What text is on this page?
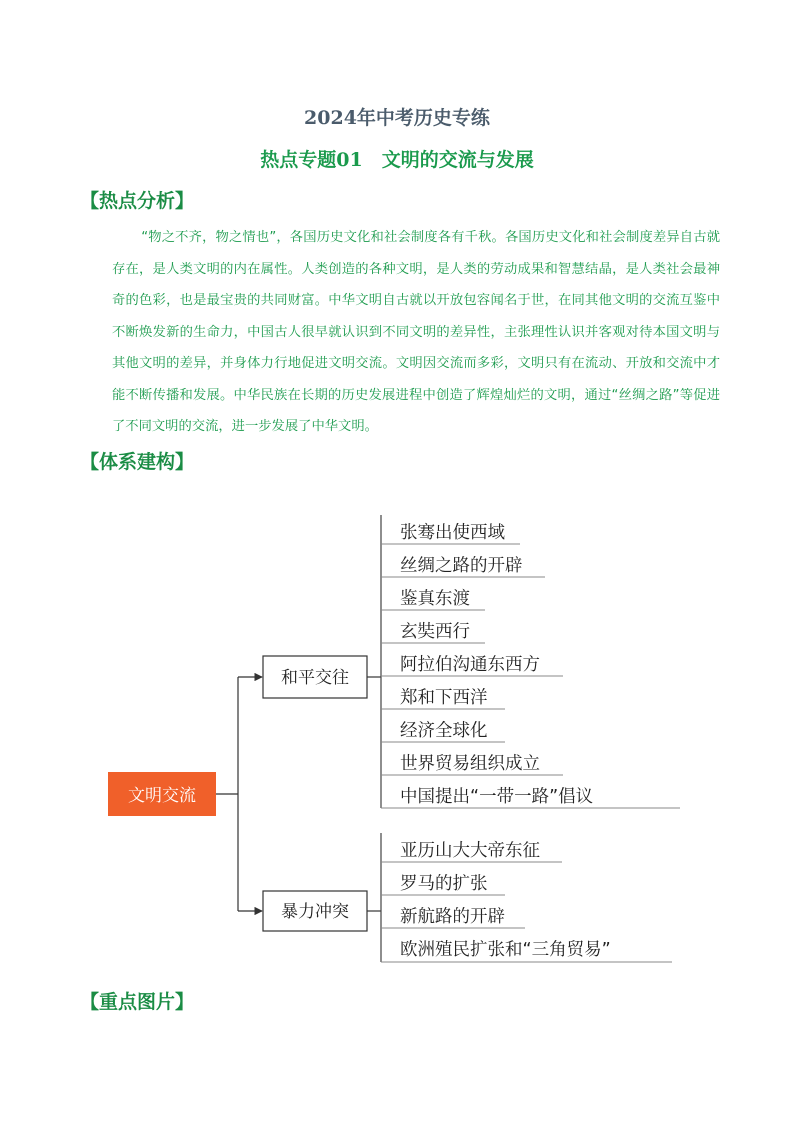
2024年中考历史专练
热点专题01　文明的交流与发展
【热点分析】

“物之不齐，物之情也”，各国历史文化和社会制度各有千秋。各国历史文化和社会制度差异自古就存在，是人类文明的内在属性。人类创造的各种文明，是人类的劳动成果和智慧结晶，是人类社会最神奇的色彩，也是最宝贵的共同财富。中华文明自古就以开放包容闻名于世，在同其他文明的交流互鉴中不断焕发新的生命力，中国古人很早就认识到不同文明的差异性，主张理性认识并客观对待本国文明与其他文明的差异，并身体力行地促进文明交流。文明因交流而多彩，文明只有在流动、开放和交流中才能不断传播和发展。中华民族在长期的历史发展进程中创造了辉煌灿烂的文明，通过“丝绸之路”等促进了不同文明的交流，进一步发展了中华文明。

【体系建构】
文明交流
和平交往
暴力冲突
张骞出使西域
丝绸之路的开辟
鉴真东渡
玄奘西行
阿拉伯沟通东西方
郑和下西洋
经济全球化
世界贸易组织成立
中国提出“一带一路”倡议
亚历山大大帝东征
罗马的扩张
新航路的开辟
欧洲殖民扩张和“三角贸易”
【重点图片】
